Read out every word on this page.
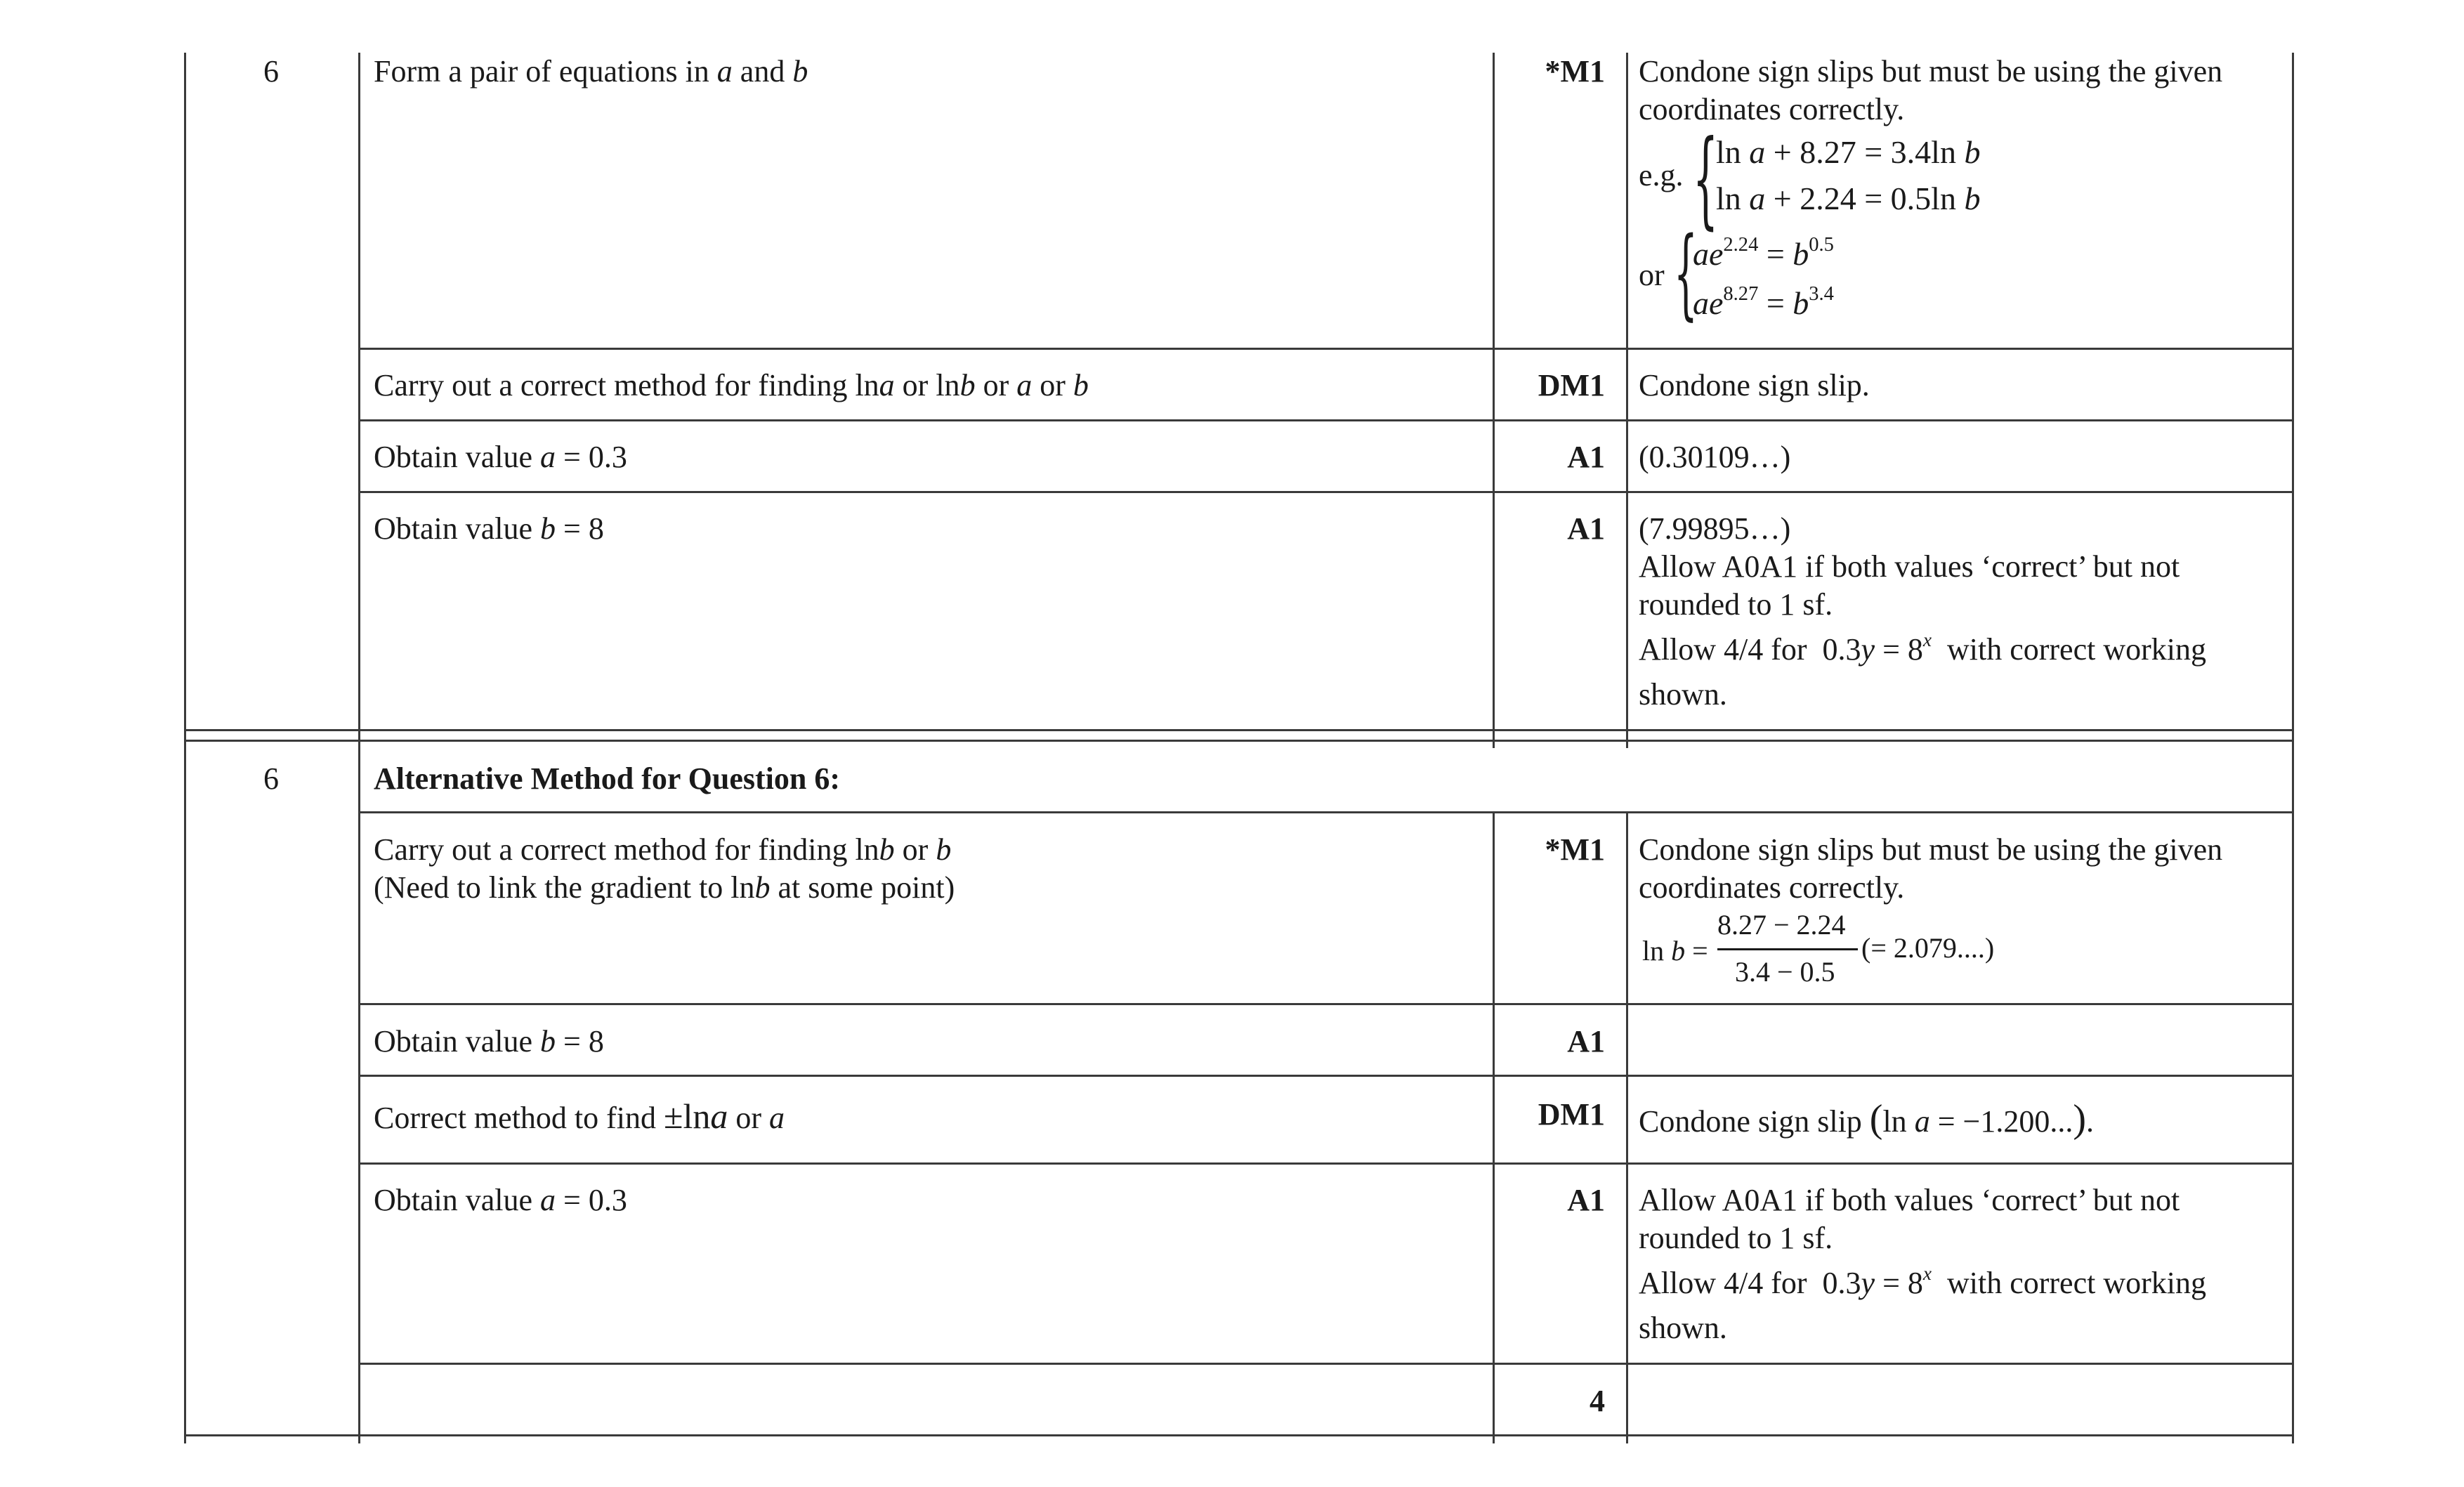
6	Form a pair of equations in a and b	*M1 Condone sign slips but must be using the given
coordinates correctly.
e.g. {
ln a + 8.27 = 3.4ln b
ln a + 2.24 = 0.5ln b
or {
$ae^{2.24} = b^{0.5}$
$ae^{8.27} = b^{3.4}$
Carry out a correct method for finding lna or lnb or a or b	DM1 Condone sign slip.
Obtain value a = 0.3	A1 (0.30109…)
Obtain value b = 8	A1 (7.99895…)
Allow A0A1 if both values ‘correct’ but not
rounded to 1 sf.
Allow 4/4 for  $0.3y = 8^x$  with correct working
shown.
6	Alternative Method for Question 6:
Carry out a correct method for finding lnb or b
(Need to link the gradient to lnb at some point)
*M1 Condone sign slips but must be using the given
coordinates correctly.
ln b =
8.27 − 2.24
3.4 − 0.5
(= 2.079....)
Obtain value b = 8	A1
Correct method to find ±lna or a	DM1 Condone sign slip (ln a = −1.200...).
Obtain value a = 0.3	A1 Allow A0A1 if both values ‘correct’ but not
rounded to 1 sf.
Allow 4/4 for  $0.3y = 8^x$  with correct working
shown.
4
